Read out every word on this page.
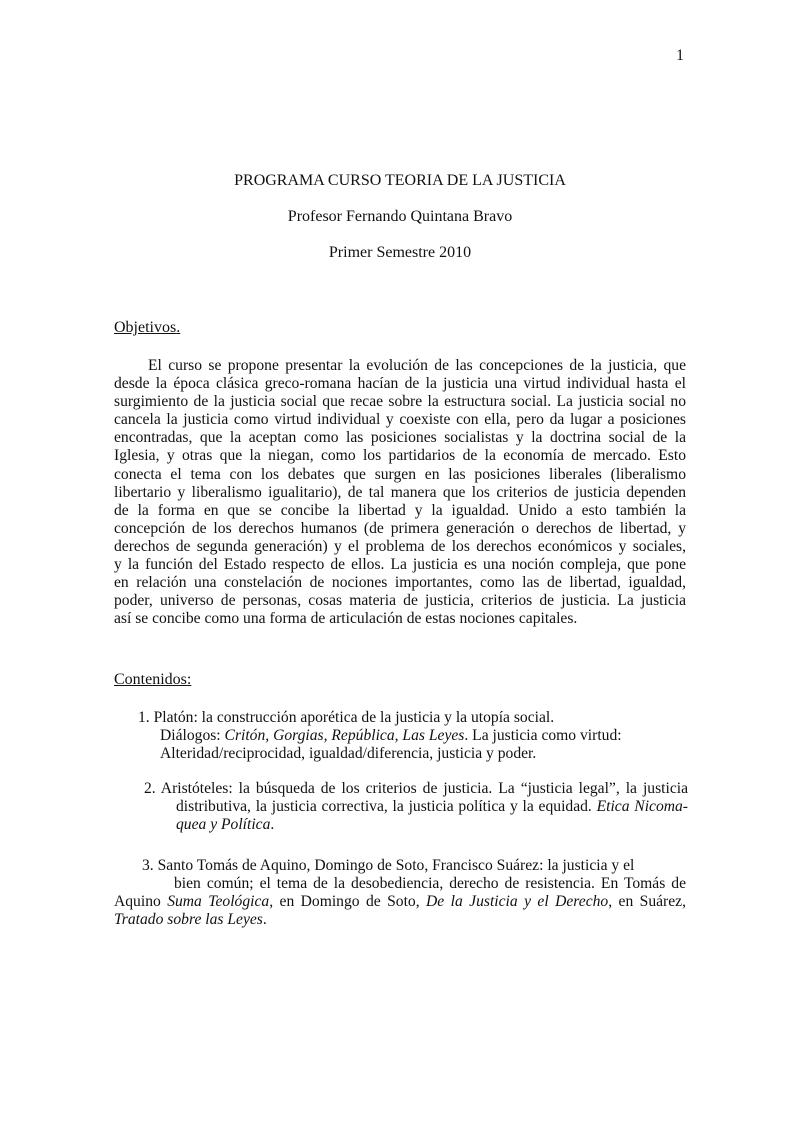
1
PROGRAMA CURSO TEORIA DE LA JUSTICIA
Profesor Fernando Quintana Bravo
Primer Semestre 2010
Objetivos.
El curso se propone presentar la evolución de las concepciones de la justicia, que
desde la época clásica greco-romana hacían de la justicia una virtud individual hasta el
surgimiento de la justicia social que recae sobre la estructura social. La justicia social no
cancela la justicia como virtud individual y coexiste con ella, pero da lugar a posiciones
encontradas, que la aceptan como las posiciones socialistas y la doctrina social de la
Iglesia, y otras que la niegan, como los partidarios de la economía de mercado. Esto
conecta el tema con los debates que surgen en las posiciones liberales (liberalismo
libertario y liberalismo igualitario), de tal manera que los criterios de justicia dependen
de la forma en que se concibe la libertad y la igualdad. Unido a esto también la
concepción de los derechos humanos (de primera generación o derechos de libertad, y
derechos de segunda generación) y el problema de los derechos económicos y sociales,
y la función del Estado respecto de ellos. La justicia es una noción compleja, que pone
en relación una constelación de nociones importantes, como las de libertad, igualdad,
poder, universo de personas, cosas materia de justicia, criterios de justicia. La justicia
así se concibe como una forma de articulación de estas nociones capitales.
Contenidos:
1. Platón: la construcción aporética de la justicia y la utopía social.
Diálogos: Critón, Gorgias, República, Las Leyes. La justicia como virtud:
Alteridad/reciprocidad, igualdad/diferencia, justicia y poder.
2. Aristóteles: la búsqueda de los criterios de justicia. La “justicia legal”, la justicia
distributiva, la justicia correctiva, la justicia política y la equidad. Etica Nicoma-
quea y Política.
3. Santo Tomás de Aquino, Domingo de Soto, Francisco Suárez: la justicia y el
bien común; el tema de la desobediencia, derecho de resistencia. En Tomás de
Aquino Suma Teológica, en Domingo de Soto, De la Justicia y el Derecho, en Suárez,
Tratado sobre las Leyes.
